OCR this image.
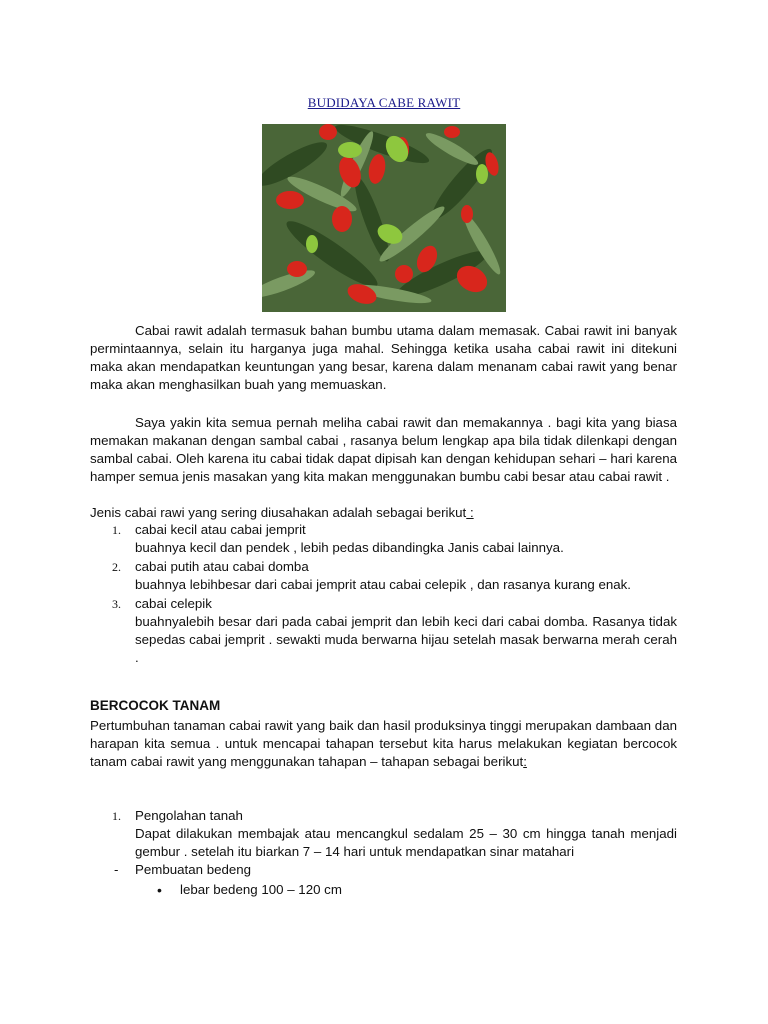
BUDIDAYA CABE RAWIT
Cabai rawit adalah termasuk bahan bumbu utama dalam memasak. Cabai rawit ini banyak permintaannya, selain itu harganya juga mahal. Sehingga ketika usaha cabai rawit ini ditekuni maka akan mendapatkan keuntungan yang besar, karena dalam menanam cabai rawit yang benar maka akan menghasilkan buah yang memuaskan.
Saya yakin kita semua pernah meliha cabai rawit dan memakannya . bagi kita yang biasa memakan makanan dengan sambal cabai , rasanya belum lengkap apa bila tidak dilenkapi dengan sambal cabai. Oleh karena itu cabai tidak dapat dipisah kan dengan kehidupan sehari – hari karena hamper semua jenis masakan yang kita makan menggunakan bumbu cabi besar atau cabai rawit .
Jenis cabai rawi yang sering diusahakan adalah sebagai berikut :
1. cabai kecil atau cabai jemprit
buahnya kecil dan pendek , lebih pedas dibandingka Janis cabai lainnya.
2. cabai putih atau cabai domba
buahnya lebihbesar dari cabai jemprit atau cabai celepik , dan rasanya kurang enak.
3. cabai celepik
buahnyalebih besar dari pada cabai jemprit dan lebih keci dari cabai domba. Rasanya tidak sepedas cabai jemprit . sewakti muda berwarna hijau setelah masak berwarna merah cerah .
BERCOCOK TANAM
Pertumbuhan tanaman cabai rawit yang baik dan hasil produksinya tinggi merupakan dambaan dan harapan kita semua . untuk mencapai tahapan tersebut kita harus melakukan kegiatan bercocok tanam cabai rawit yang menggunakan tahapan – tahapan sebagai berikut:
1. Pengolahan tanah
Dapat dilakukan membajak atau mencangkul sedalam 25 – 30 cm hingga tanah menjadi gembur . setelah itu biarkan 7 – 14 hari untuk mendapatkan sinar matahari
- Pembuatan bedeng
• lebar bedeng 100 – 120 cm
